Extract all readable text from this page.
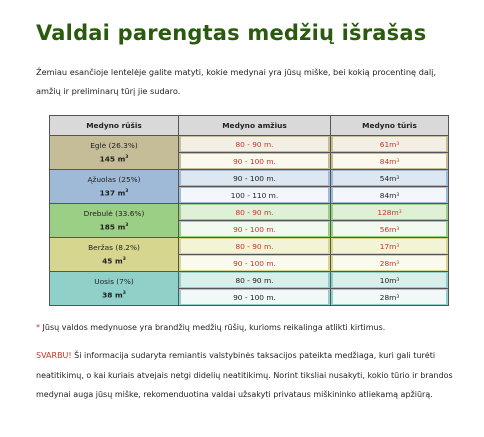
Valdai parengtas medžių išrašas

Žemiau esančioje lentelėje galite matyti, kokie medynai yra jūsų miške, bei kokią procentinę dalį, amžių ir preliminarų tūrį jie sudaro.

Medyno rūšis	Medyno amžius	Medyno tūris

Eglė (26.3%)
145 $m^3$	80 - 90 m.	61 m 3

90 - 100 m.	84 m 3

Ąžuolas (25%)
137 $m^3$	90 - 100 m.	54 m 3

100 - 110 m.	84 m 3

Drebulė (33.6%)
185 $m^3$	80 - 90 m.	128 m 3

90 - 100 m.	56 m 3

Beržas (8.2%)
45 $m^3$	80 - 90 m.	17 m 3

90 - 100 m.	28 m 3

Uosis (7%)
38 $m^3$	80 - 90 m.	10 m 3

90 - 100 m.	28 m 3

* Jūsų valdos medynuose yra brandžių medžių rūšių, kurioms reikalinga atlikti kirtimus.

SVARBU! Ši informacija sudaryta remiantis valstybinės taksacijos pateikta medžiaga, kuri gali turėti neatitikimų, o kai kuriais atvejais netgi didelių neatitikimų. Norint tiksliai nusakyti, kokio tūrio ir brandos medynai auga jūsų miške, rekomenduotina valdai užsakyti privataus miškininko atliekamą apžiūrą.
